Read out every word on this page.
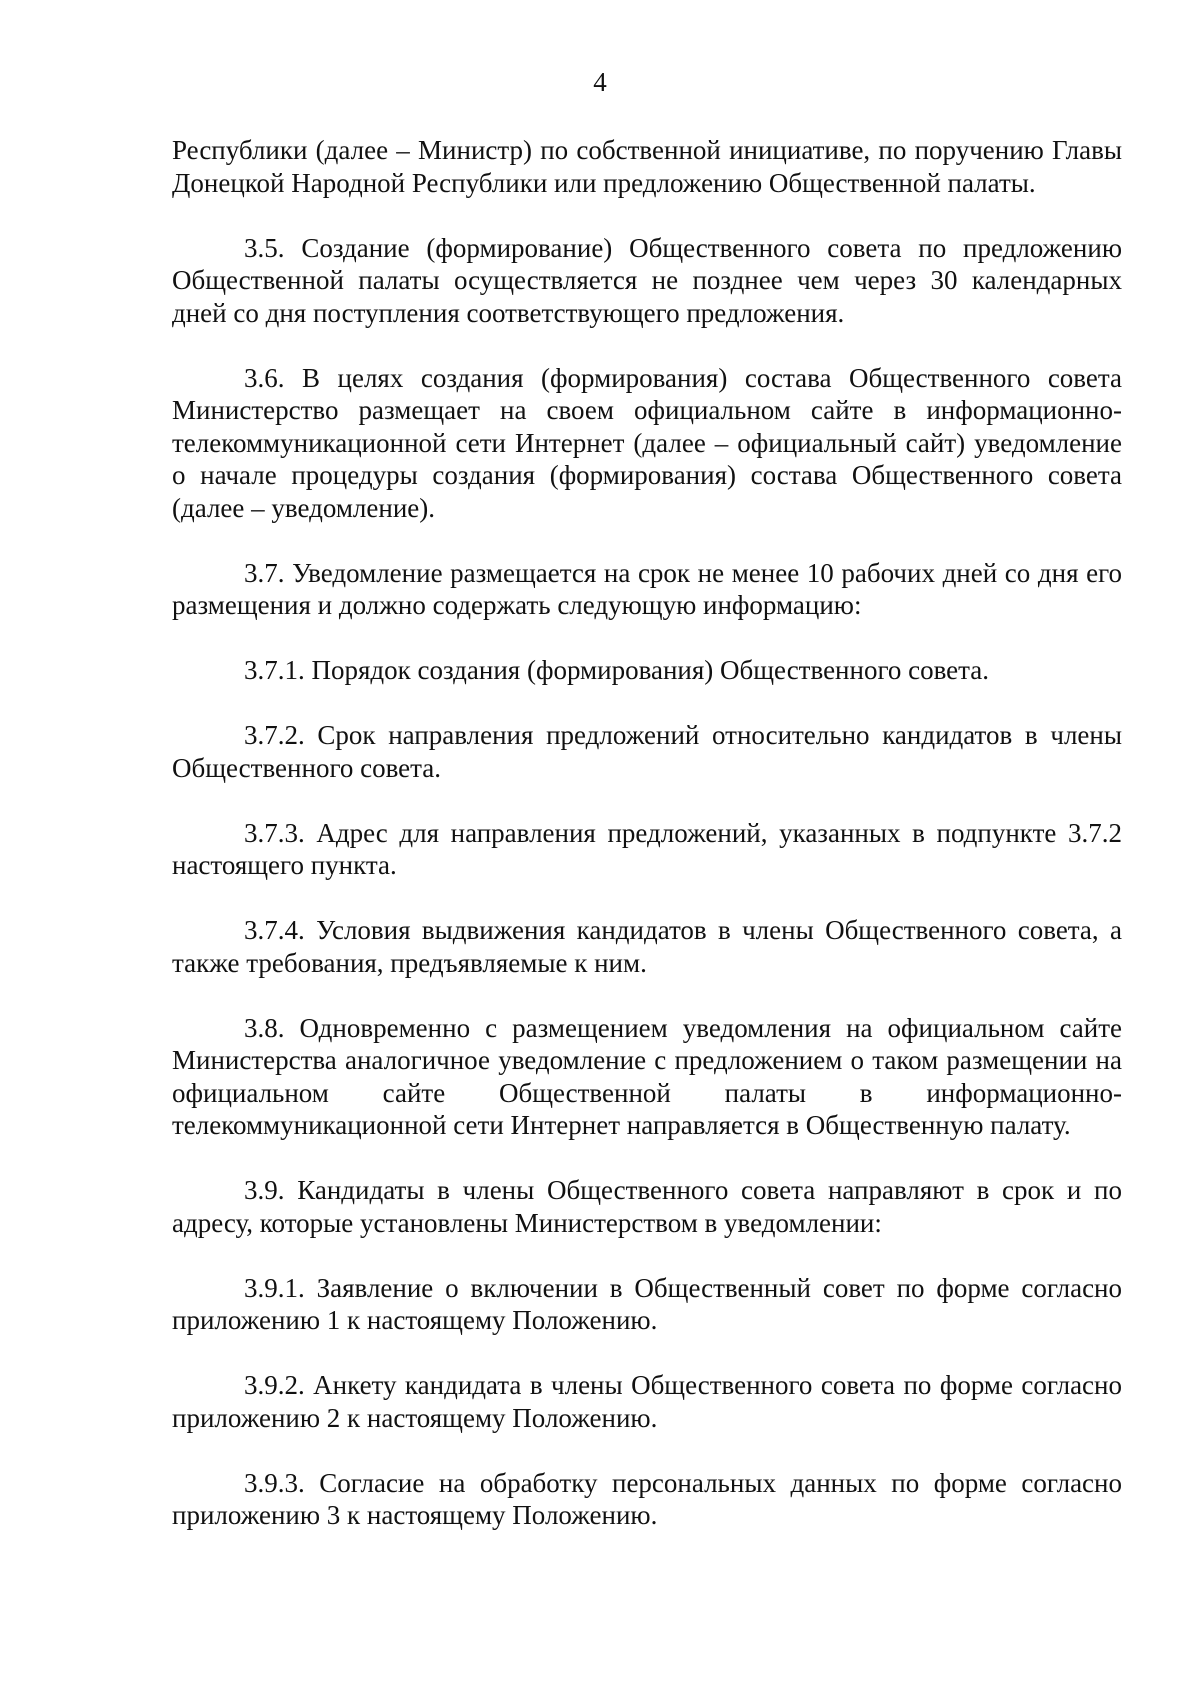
4

Республики (далее – Министр) по собственной инициативе, по поручению Главы Донецкой Народной Республики или предложению Общественной палаты.

3.5. Создание (формирование) Общественного совета по предложению Общественной палаты осуществляется не позднее чем через 30 календарных дней со дня поступления соответствующего предложения.

3.6. В целях создания (формирования) состава Общественного совета Министерство размещает на своем официальном сайте в информационно-телекоммуникационной сети Интернет (далее – официальный сайт) уведомление о начале процедуры создания (формирования) состава Общественного совета (далее – уведомление).

3.7. Уведомление размещается на срок не менее 10 рабочих дней со дня его размещения и должно содержать следующую информацию:

3.7.1. Порядок создания (формирования) Общественного совета.

3.7.2. Срок направления предложений относительно кандидатов в члены Общественного совета.

3.7.3. Адрес для направления предложений, указанных в подпункте 3.7.2 настоящего пункта.

3.7.4. Условия выдвижения кандидатов в члены Общественного совета, а также требования, предъявляемые к ним.

3.8. Одновременно с размещением уведомления на официальном сайте Министерства аналогичное уведомление с предложением о таком размещении на официальном сайте Общественной палаты в информационно-телекоммуникационной сети Интернет направляется в Общественную палату.

3.9. Кандидаты в члены Общественного совета направляют в срок и по адресу, которые установлены Министерством в уведомлении:

3.9.1. Заявление о включении в Общественный совет по форме согласно приложению 1 к настоящему Положению.

3.9.2. Анкету кандидата в члены Общественного совета по форме согласно приложению 2 к настоящему Положению.

3.9.3. Согласие на обработку персональных данных по форме согласно приложению 3 к настоящему Положению.
